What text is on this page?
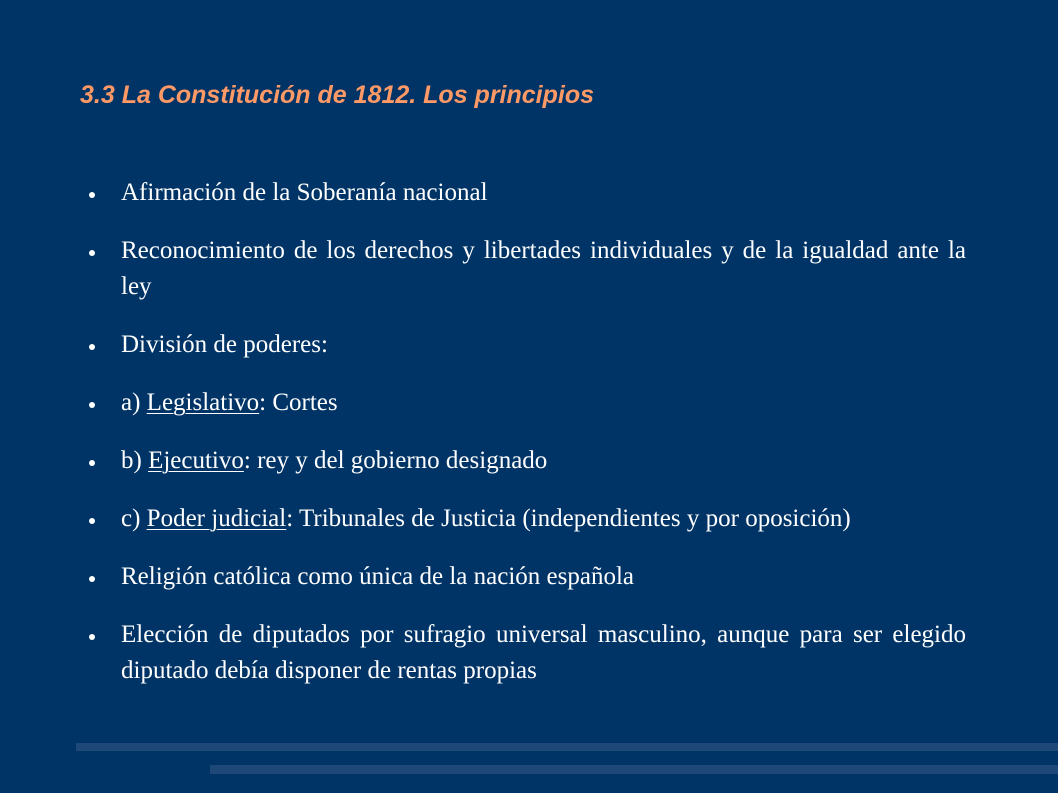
3.3 La Constitución de 1812. Los principios
Afirmación de la Soberanía nacional
Reconocimiento de los derechos y libertades individuales y de la igualdad ante la ley
División de poderes:
a) Legislativo: Cortes
b) Ejecutivo: rey y del gobierno designado
c) Poder judicial: Tribunales de Justicia (independientes y por oposición)
Religión católica como única de la nación española
Elección de diputados por sufragio universal masculino, aunque para ser elegido diputado debía disponer de rentas propias
